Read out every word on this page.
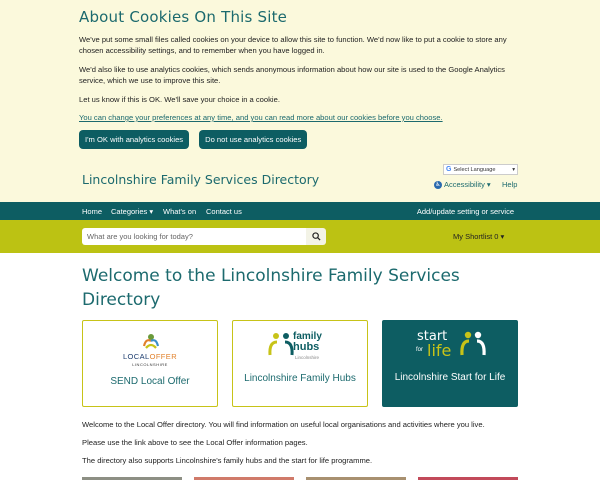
About Cookies On This Site

We've put some small files called cookies on your device to allow this site to function. We'd now like to put a cookie to store any chosen accessibility settings, and to remember when you have logged in.

We'd also like to use analytics cookies, which sends anonymous information about how our site is used to the Google Analytics service, which we use to improve this site.

Let us know if this is OK. We'll save your choice in a cookie.

You can change your preferences at any time, and you can read more about our cookies before you choose.
I'm OK with analytics cookies	Do not use analytics cookies
Lincolnshire Family Services Directory
G Select Language	▾
♿ Accessibility ▾ Help
Home Categories ▾ What's on Contact us	Add/update setting or service
What are you looking for today?	My Shortlist 0 ▾
Welcome to the Lincolnshire Family Services Directory
LOCALOFFER
LINCOLNSHIRE
SEND Local Offer
family
hubs
Lincolnshire
Lincolnshire Family Hubs
start
for life
Lincolnshire Start for Life
Welcome to the Local Offer directory. You will find information on useful local organisations and activities where you live.
Please use the link above to see the Local Offer information pages.
The directory also supports Lincolnshire's family hubs and the start for life programme.
